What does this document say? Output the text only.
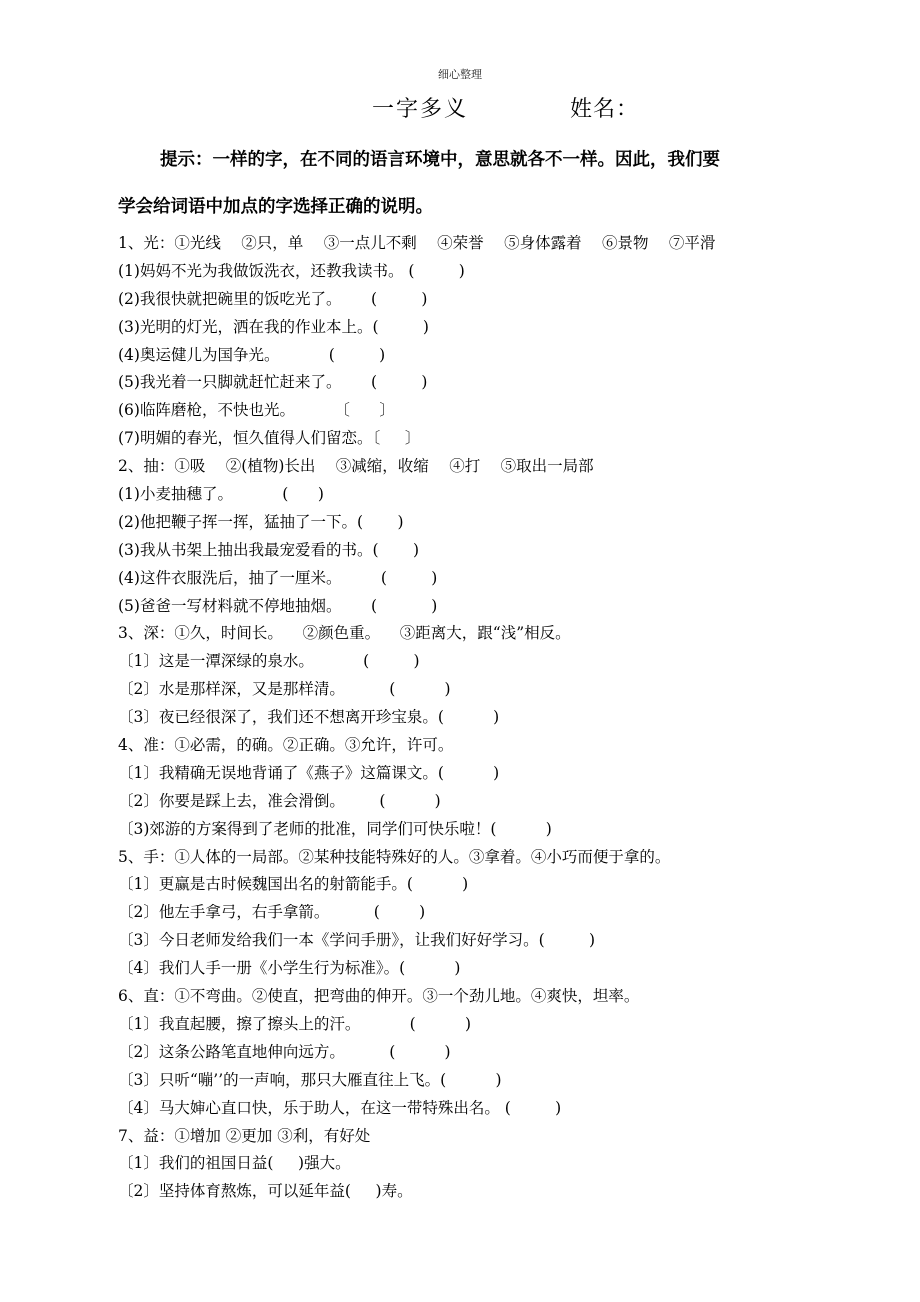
细心整理
一字多义	姓名：
提示：一样的字，在不同的语言环境中，意思就各不一样。因此，我们要
学会给词语中加点的字选择正确的说明。
1、光：①光线　 ②只，单　 ③一点儿不剩　 ④荣誉　 ⑤身体露着　 ⑥景物　 ⑦平滑
(1)妈妈不光为我做饭洗衣，还教我读书。 (         )
(2)我很快就把碗里的饭吃光了。      (         )
(3)光明的灯光，洒在我的作业本上。(         )
(4)奥运健儿为国争光。          (         )
(5)我光着一只脚就赶忙赶来了。      (         )
(6)临阵磨枪，不快也光。        〔      〕
(7)明媚的春光，恒久值得人们留恋。〔     〕
2、抽：①吸　 ②(植物)长出　 ③减缩，收缩　 ④打　 ⑤取出一局部
(1)小麦抽穗了。          (      )
(2)他把鞭子挥一挥，猛抽了一下。(       )
(3)我从书架上抽出我最宠爱看的书。(       )
(4)这件衣服洗后，抽了一厘米。        (         )
(5)爸爸一写材料就不停地抽烟。      (           )
3、深：①久，时间长。    ②颜色重。    ③距离大，跟“浅”相反。
〔1〕这是一潭深绿的泉水。          (         )
〔2〕水是那样深，又是那样清。         (          )
〔3〕夜已经很深了，我们还不想离开珍宝泉。(          )
4、准：①必需，的确。②正确。③允许，许可。
〔1〕我精确无误地背诵了《燕子》这篇课文。(          )
〔2〕你要是踩上去，准会滑倒。       (          )
〔3)郊游的方案得到了老师的批准，同学们可快乐啦！(          )
5、手：①人体的一局部。②某种技能特殊好的人。③拿着。④小巧而便于拿的。
〔1〕更赢是古时候魏国出名的射箭能手。(          )
〔2〕他左手拿弓，右手拿箭。         (        )
〔3〕今日老师发给我们一本《学问手册》，让我们好好学习。(         )
〔4〕我们人手一册《小学生行为标准》。(          )
6、直：①不弯曲。②使直，把弯曲的伸开。③一个劲儿地。④爽快，坦率。
〔1〕我直起腰，擦了擦头上的汗。          (          )
〔2〕这条公路笔直地伸向远方。         (          )
〔3〕只听“嘣’’的一声响，那只大雁直往上飞。(          )
〔4〕马大婶心直口快，乐于助人，在这一带特殊出名。 (         )
7、益：①增加 ②更加 ③利，有好处
〔1〕我们的祖国日益(     )强大。
〔2〕坚持体育熬炼，可以延年益(     )寿。
